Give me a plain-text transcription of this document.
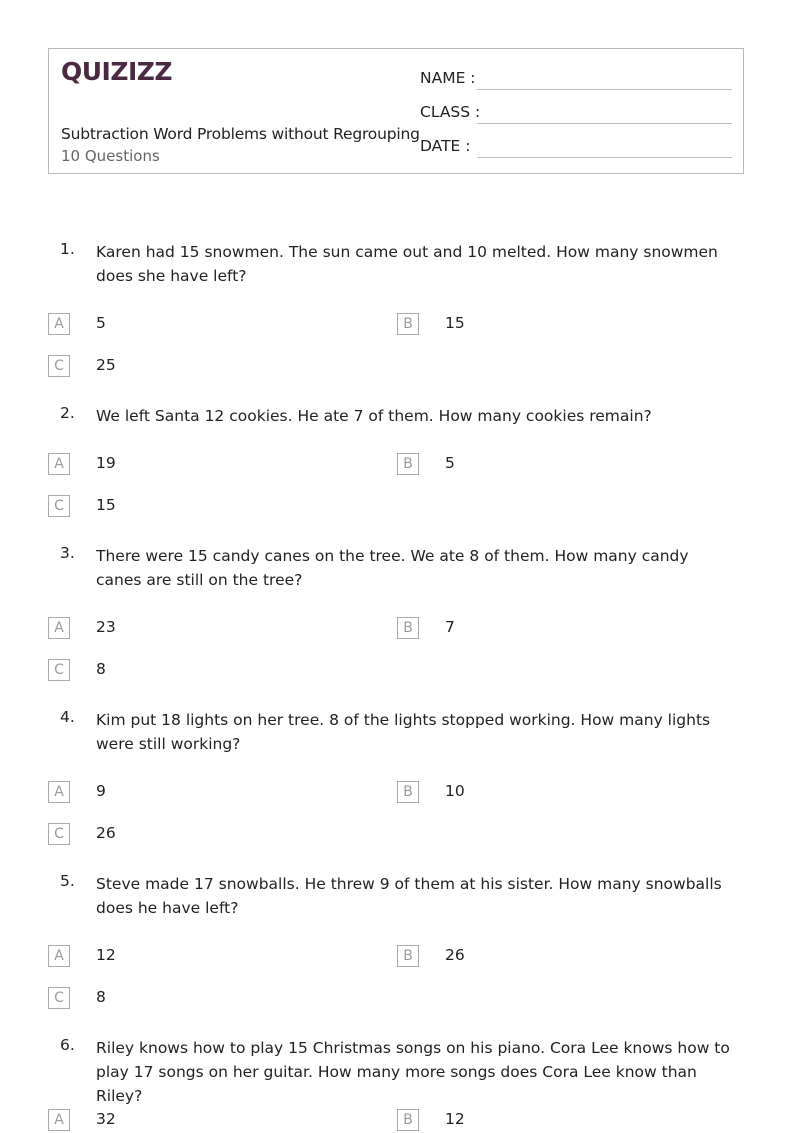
QUIZIZZ
Subtraction Word Problems without Regrouping
10 Questions
NAME :
CLASS :
DATE :
1. Karen had 15 snowmen. The sun came out and 10 melted. How many snowmen does she have left?
A	5	B	15
C	25
2. We left Santa 12 cookies. He ate 7 of them. How many cookies remain?
A	19	B	5
C	15
3. There were 15 candy canes on the tree. We ate 8 of them. How many candy canes are still on the tree?
A	23	B	7
C	8
4. Kim put 18 lights on her tree. 8 of the lights stopped working. How many lights were still working?
A	9	B	10
C	26
5. Steve made 17 snowballs. He threw 9 of them at his sister. How many snowballs does he have left?
A	12	B	26
C	8
6. Riley knows how to play 15 Christmas songs on his piano. Cora Lee knows how to play 17 songs on her guitar. How many more songs does Cora Lee know than Riley?
A	32	B	12
